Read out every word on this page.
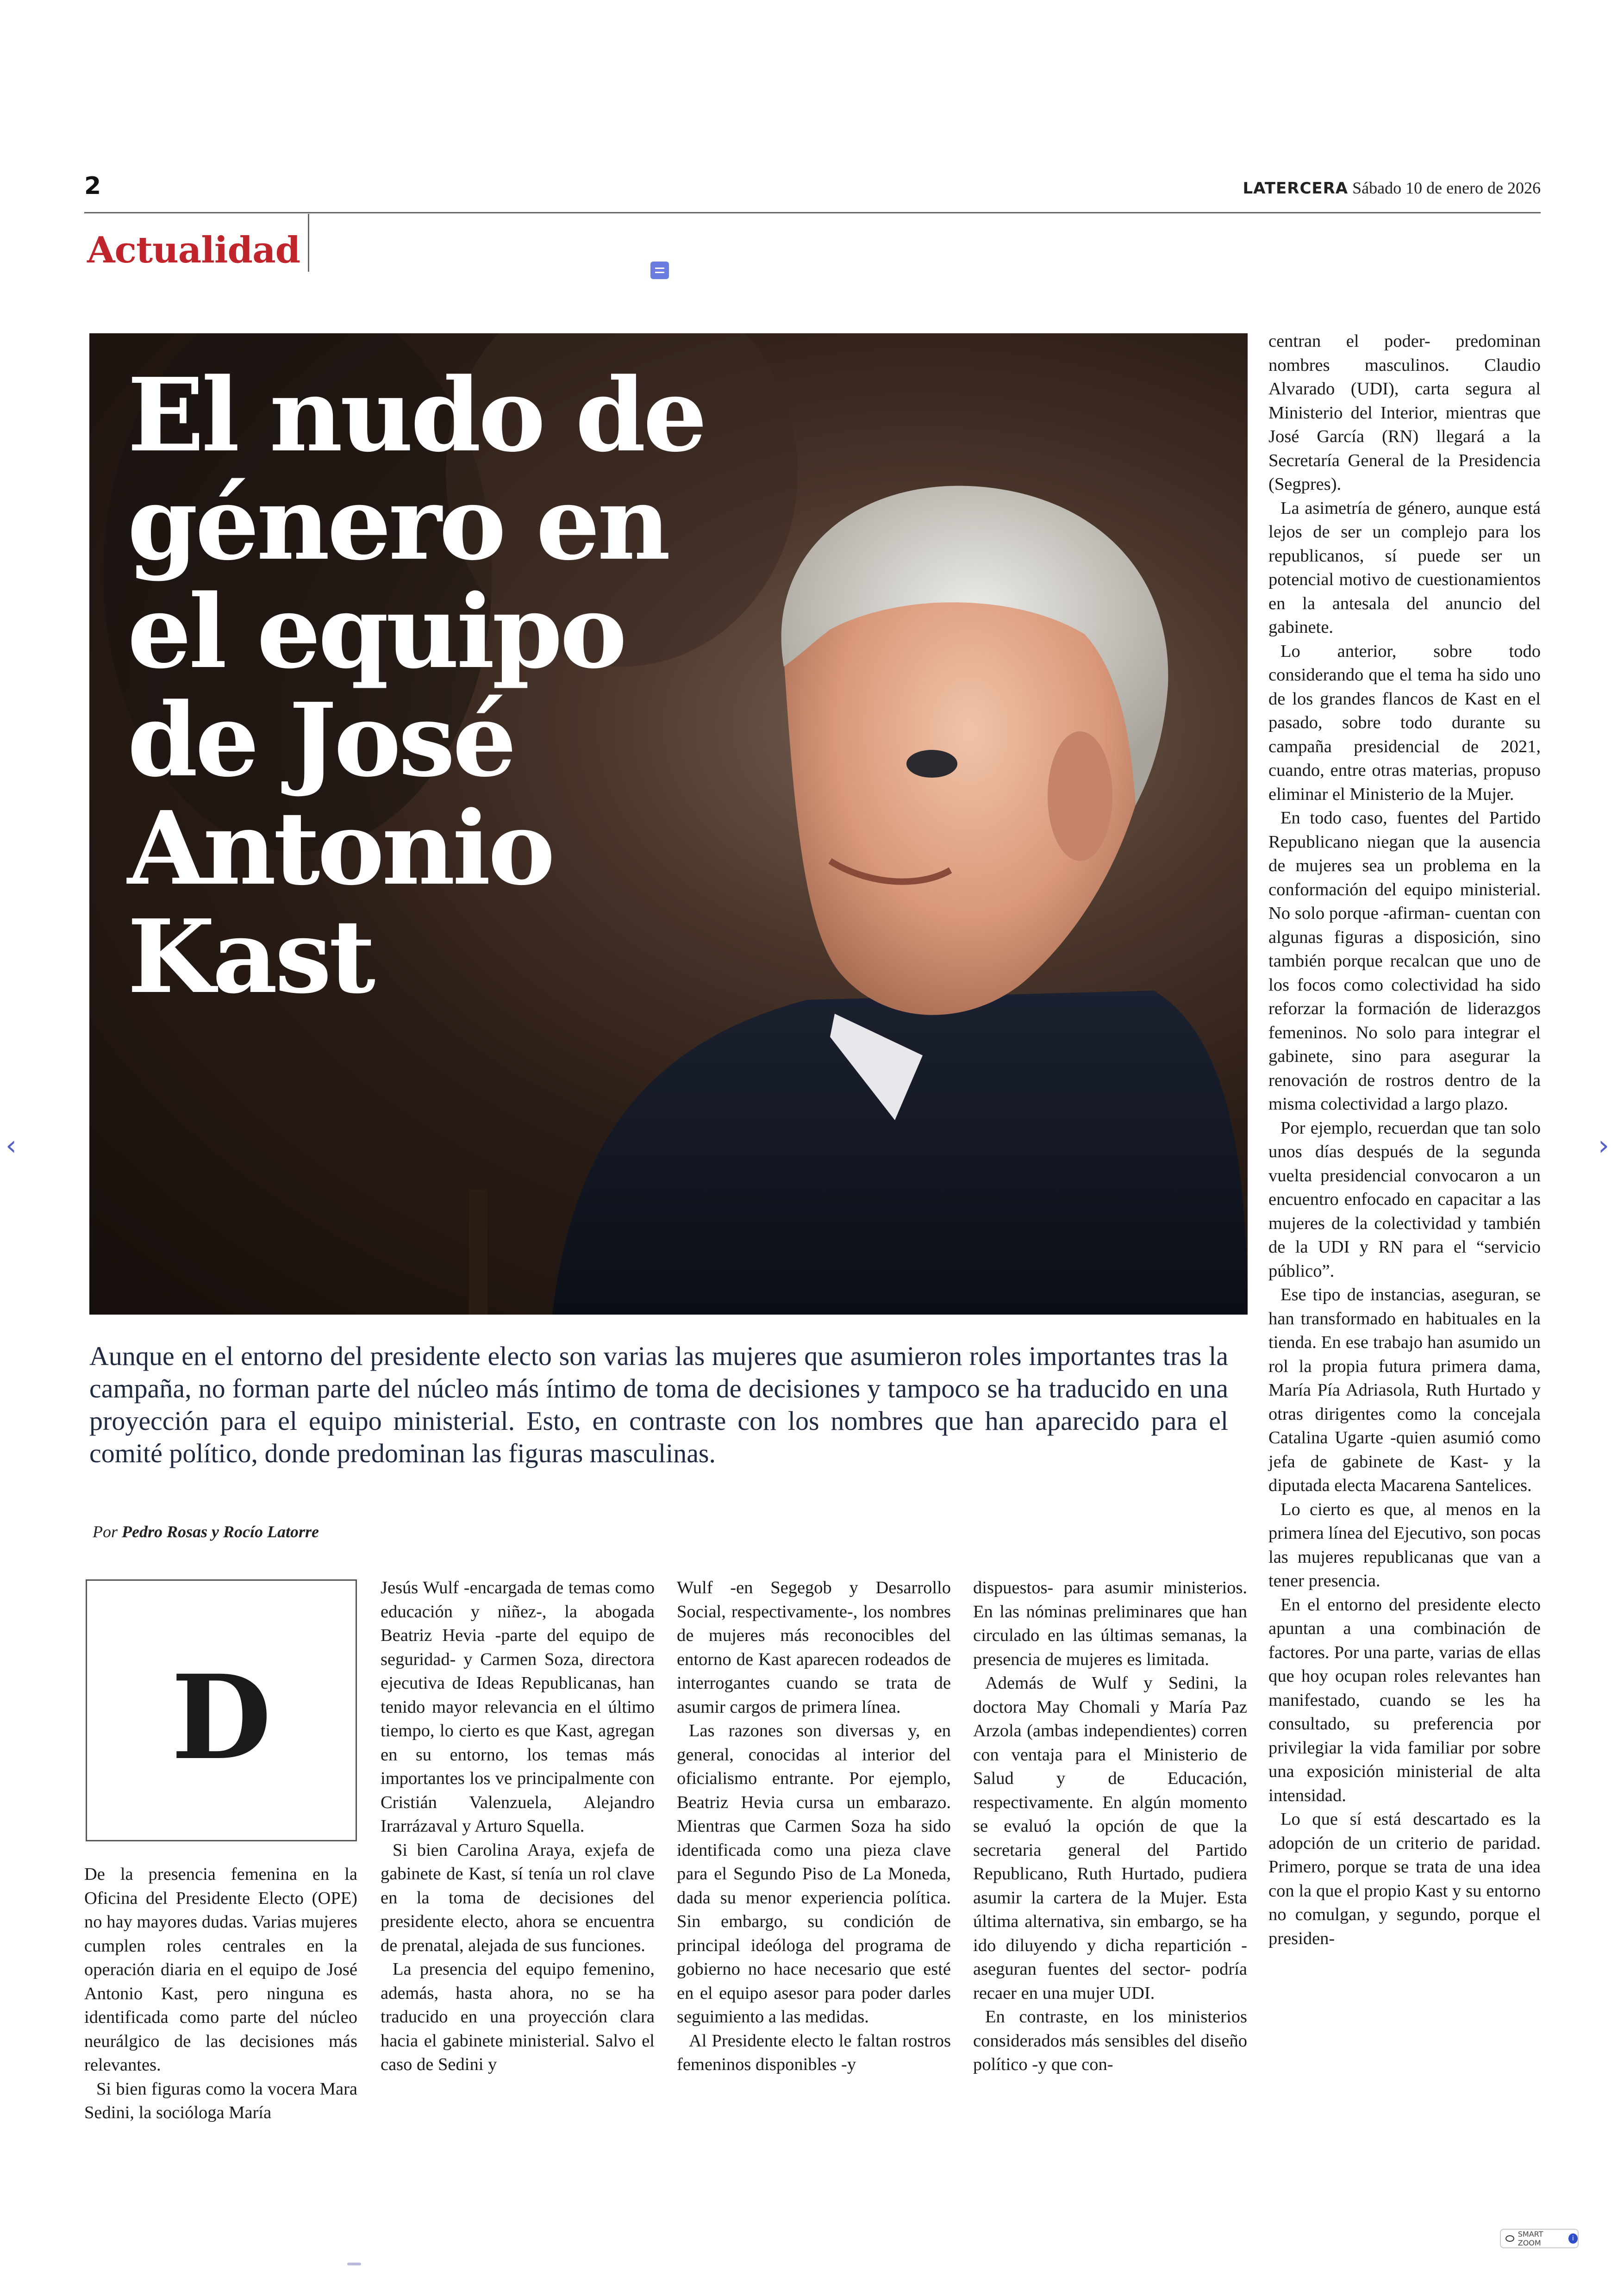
2	LATERCERA Sábado 10 de enero de 2026
Actualidad
El nudo de
género en
el equipo
de José
Antonio
Kast
Aunque en el entorno del presidente electo son varias las mujeres que asumieron roles importantes tras la campaña, no forman parte del núcleo más íntimo de toma de decisiones y tampoco se ha traducido en una proyección para el equipo ministerial. Esto, en contraste con los nombres que han aparecido para el comité político, donde predominan las figuras masculinas.
Por Pedro Rosas y Rocío Latorre
D

De la presencia femenina en la Oficina del Presidente Electo (OPE) no hay mayores dudas. Varias mujeres cumplen roles centrales en la operación diaria en el equipo de José Antonio Kast, pero ninguna es identificada como parte del núcleo neurálgico de las decisiones más relevantes.

Si bien figuras como la vocera Mara Sedini, la socióloga María

Jesús Wulf -encargada de temas como educación y niñez-, la abogada Beatriz Hevia -parte del equipo de seguridad- y Carmen Soza, directora ejecutiva de Ideas Republicanas, han tenido mayor relevancia en el último tiempo, lo cierto es que Kast, agregan en su entorno, los temas más importantes los ve principalmente con Cristián Valenzuela, Alejandro Irarrázaval y Arturo Squella.

Si bien Carolina Araya, exjefa de gabinete de Kast, sí tenía un rol clave en la toma de decisiones del presidente electo, ahora se encuentra de prenatal, alejada de sus funciones.

La presencia del equipo femenino, además, hasta ahora, no se ha traducido en una proyección clara hacia el gabinete ministerial. Salvo el caso de Sedini y

Wulf -en Segegob y Desarrollo Social, respectivamente-, los nombres de mujeres más reconocibles del entorno de Kast aparecen rodeados de interrogantes cuando se trata de asumir cargos de primera línea.

Las razones son diversas y, en general, conocidas al interior del oficialismo entrante. Por ejemplo, Beatriz Hevia cursa un embarazo. Mientras que Carmen Soza ha sido identificada como una pieza clave para el Segundo Piso de La Moneda, dada su menor experiencia política. Sin embargo, su condición de principal ideóloga del programa de gobierno no hace necesario que esté en el equipo asesor para poder darles seguimiento a las medidas.

Al Presidente electo le faltan rostros femeninos disponibles -y

dispuestos- para asumir ministerios. En las nóminas preliminares que han circulado en las últimas semanas, la presencia de mujeres es limitada.

Además de Wulf y Sedini, la doctora May Chomali y María Paz Arzola (ambas independientes) corren con ventaja para el Ministerio de Salud y de Educación, respectivamente. En algún momento se evaluó la opción de que la secretaria general del Partido Republicano, Ruth Hurtado, pudiera asumir la cartera de la Mujer. Esta última alternativa, sin embargo, se ha ido diluyendo y dicha repartición -aseguran fuentes del sector- podría recaer en una mujer UDI.

En contraste, en los ministerios considerados más sensibles del diseño político -y que con-

centran el poder- predominan nombres masculinos. Claudio Alvarado (UDI), carta segura al Ministerio del Interior, mientras que José García (RN) llegará a la Secretaría General de la Presidencia (Segpres).

La asimetría de género, aunque está lejos de ser un complejo para los republicanos, sí puede ser un potencial motivo de cuestionamientos en la antesala del anuncio del gabinete.

Lo anterior, sobre todo considerando que el tema ha sido uno de los grandes flancos de Kast en el pasado, sobre todo durante su campaña presidencial de 2021, cuando, entre otras materias, propuso eliminar el Ministerio de la Mujer.

En todo caso, fuentes del Partido Republicano niegan que la ausencia de mujeres sea un problema en la conformación del equipo ministerial. No solo porque -afirman- cuentan con algunas figuras a disposición, sino también porque recalcan que uno de los focos como colectividad ha sido reforzar la formación de liderazgos femeninos. No solo para integrar el gabinete, sino para asegurar la renovación de rostros dentro de la misma colectividad a largo plazo.

Por ejemplo, recuerdan que tan solo unos días después de la segunda vuelta presidencial convocaron a un encuentro enfocado en capacitar a las mujeres de la colectividad y también de la UDI y RN para el “servicio público”.

Ese tipo de instancias, aseguran, se han transformado en habituales en la tienda. En ese trabajo han asumido un rol la propia futura primera dama, María Pía Adriasola, Ruth Hurtado y otras dirigentes como la concejala Catalina Ugarte -quien asumió como jefa de gabinete de Kast- y la diputada electa Macarena Santelices.

Lo cierto es que, al menos en la primera línea del Ejecutivo, son pocas las mujeres republicanas que van a tener presencia.

En el entorno del presidente electo apuntan a una combinación de factores. Por una parte, varias de ellas que hoy ocupan roles relevantes han manifestado, cuando se les ha consultado, su preferencia por privilegiar la vida familiar por sobre una exposición ministerial de alta intensidad.

Lo que sí está descartado es la adopción de un criterio de paridad. Primero, porque se trata de una idea con la que el propio Kast y su entorno no comulgan, y segundo, porque el presiden-

‹	›
SMART ZOOM	i
